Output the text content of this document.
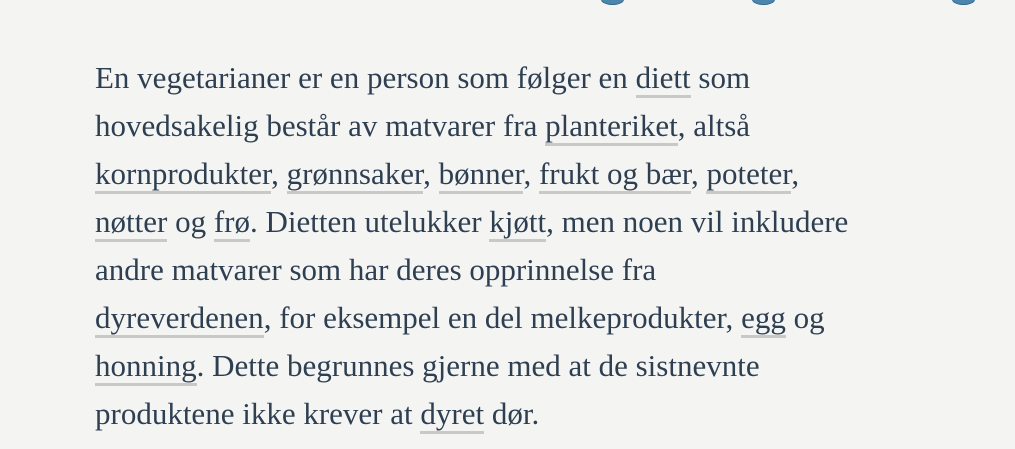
En vegetarianer er en person som følger en diett som
hovedsakelig består av matvarer fra planteriket, altså
kornprodukter, grønnsaker, bønner, frukt og bær, poteter,
nøtter og frø. Dietten utelukker kjøtt, men noen vil inkludere
andre matvarer som har deres opprinnelse fra
dyreverdenen, for eksempel en del melkeprodukter, egg og
honning. Dette begrunnes gjerne med at de sistnevnte
produktene ikke krever at dyret dør.
